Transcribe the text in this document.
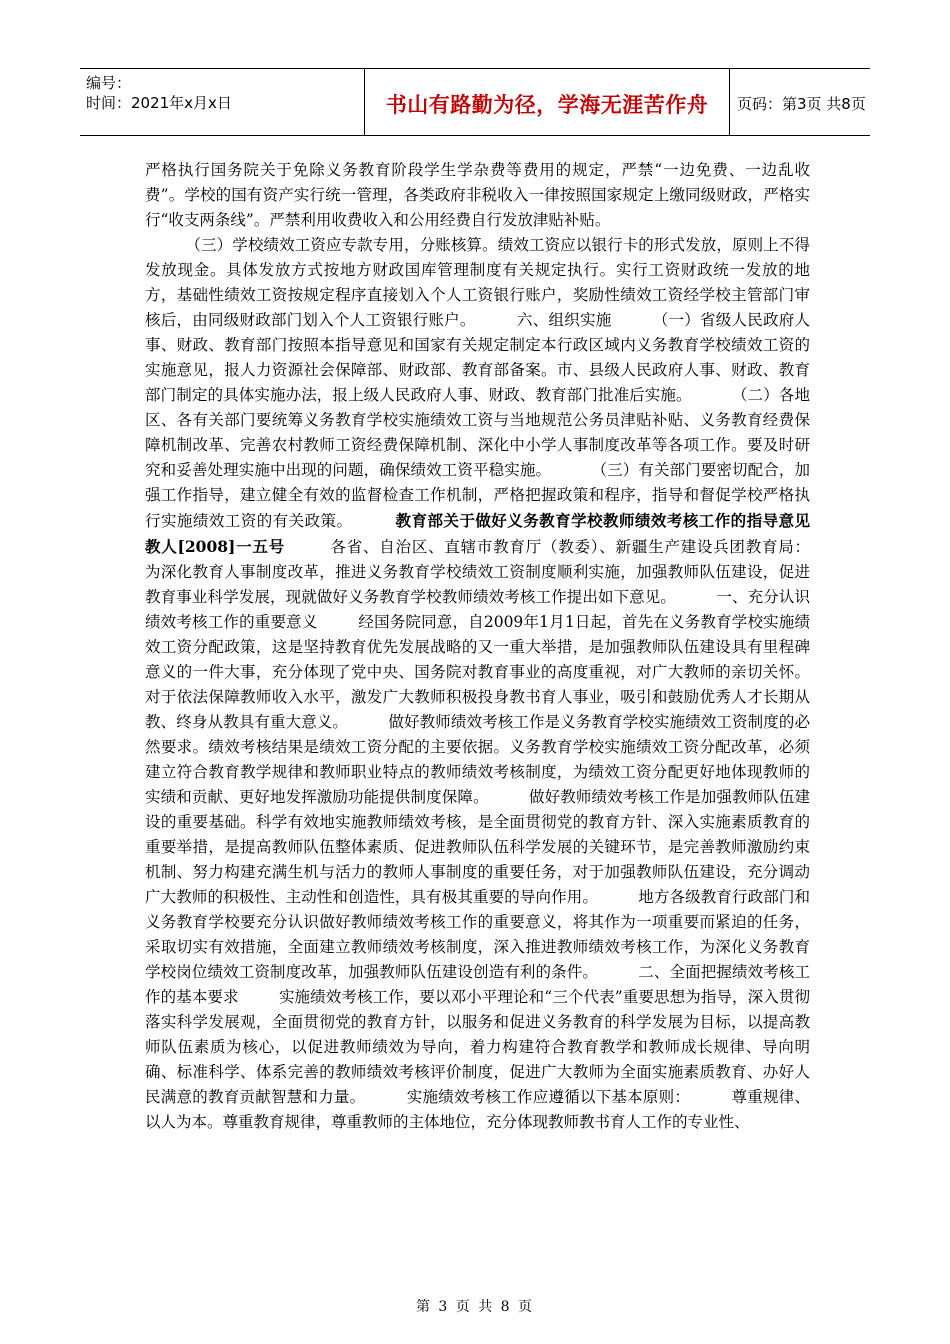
编号：
时间：2021年x月x日	书山有路勤为径，学海无涯苦作舟	页码：第3页 共8页
严格执行国务院关于免除义务教育阶段学生学杂费等费用的规定，严禁“一边免费、一边乱收费”。学校的国有资产实行统一管理，各类政府非税收入一律按照国家规定上缴同级财政，严格实行“收支两条线”。严禁利用收费收入和公用经费自行发放津贴补贴。
（三）学校绩效工资应专款专用，分账核算。绩效工资应以银行卡的形式发放，原则上不得发放现金。具体发放方式按地方财政国库管理制度有关规定执行。实行工资财政统一发放的地方，基础性绩效工资按规定程序直接划入个人工资银行账户，奖励性绩效工资经学校主管部门审核后，由同级财政部门划入个人工资银行账户。        六、组织实施        （一）省级人民政府人事、财政、教育部门按照本指导意见和国家有关规定制定本行政区域内义务教育学校绩效工资的实施意见，报人力资源社会保障部、财政部、教育部备案。市、县级人民政府人事、财政、教育部门制定的具体实施办法，报上级人民政府人事、财政、教育部门批准后实施。        （二）各地区、各有关部门要统筹义务教育学校实施绩效工资与当地规范公务员津贴补贴、义务教育经费保障机制改革、完善农村教师工资经费保障机制、深化中小学人事制度改革等各项工作。要及时研究和妥善处理实施中出现的问题，确保绩效工资平稳实施。        （三）有关部门要密切配合，加强工作指导，建立健全有效的监督检查工作机制，严格把握政策和程序，指导和督促学校严格执行实施绩效工资的有关政策。	教育部关于做好义务教育学校教师绩效考核工作的指导意见        教人[2008]一五号        各省、自治区、直辖市教育厅（教委）、新疆生产建设兵团教育局：        为深化教育人事制度改革，推进义务教育学校绩效工资制度顺利实施，加强教师队伍建设，促进教育事业科学发展，现就做好义务教育学校教师绩效考核工作提出如下意见。        一、充分认识绩效考核工作的重要意义        经国务院同意，自2009年1月1日起，首先在义务教育学校实施绩效工资分配政策，这是坚持教育优先发展战略的又一重大举措，是加强教师队伍建设具有里程碑意义的一件大事，充分体现了党中央、国务院对教育事业的高度重视，对广大教师的亲切关怀。对于依法保障教师收入水平，激发广大教师积极投身教书育人事业，吸引和鼓励优秀人才长期从教、终身从教具有重大意义。        做好教师绩效考核工作是义务教育学校实施绩效工资制度的必然要求。绩效考核结果是绩效工资分配的主要依据。义务教育学校实施绩效工资分配改革，必须建立符合教育教学规律和教师职业特点的教师绩效考核制度，为绩效工资分配更好地体现教师的实绩和贡献、更好地发挥激励功能提供制度保障。        做好教师绩效考核工作是加强教师队伍建设的重要基础。科学有效地实施教师绩效考核，是全面贯彻党的教育方针、深入实施素质教育的重要举措，是提高教师队伍整体素质、促进教师队伍科学发展的关键环节，是完善教师激励约束机制、努力构建充满生机与活力的教师人事制度的重要任务，对于加强教师队伍建设，充分调动广大教师的积极性、主动性和创造性，具有极其重要的导向作用。        地方各级教育行政部门和义务教育学校要充分认识做好教师绩效考核工作的重要意义，将其作为一项重要而紧迫的任务，采取切实有效措施，全面建立教师绩效考核制度，深入推进教师绩效考核工作，为深化义务教育学校岗位绩效工资制度改革，加强教师队伍建设创造有利的条件。        二、全面把握绩效考核工作的基本要求        实施绩效考核工作，要以邓小平理论和“三个代表”重要思想为指导，深入贯彻落实科学发展观，全面贯彻党的教育方针，以服务和促进义务教育的科学发展为目标，以提高教师队伍素质为核心，以促进教师绩效为导向，着力构建符合教育教学和教师成长规律、导向明确、标准科学、体系完善的教师绩效考核评价制度，促进广大教师为全面实施素质教育、办好人民满意的教育贡献智慧和力量。        实施绩效考核工作应遵循以下基本原则：        尊重规律、以人为本。尊重教育规律，尊重教师的主体地位，充分体现教师教书育人工作的专业性、
第 3 页 共 8 页
